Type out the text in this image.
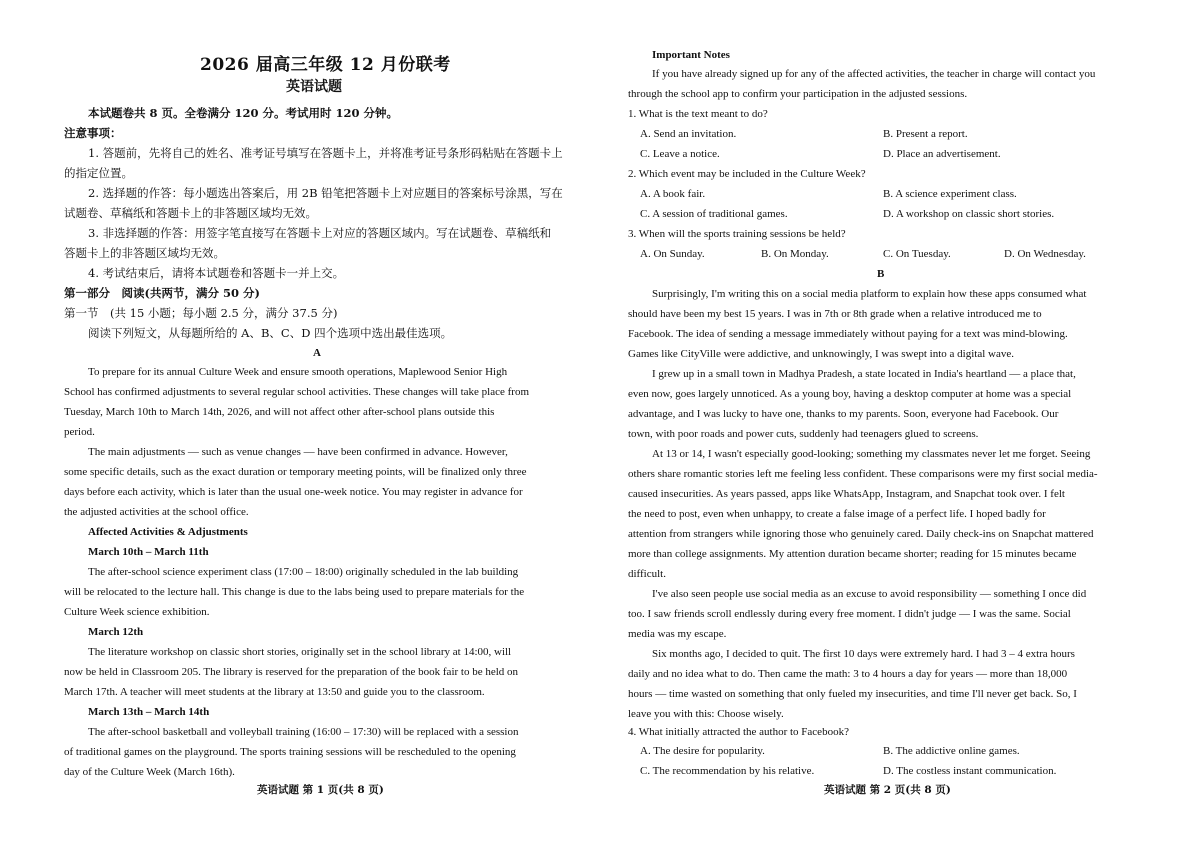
2026 届高三年级 12 月份联考
英语试题
本试题卷共 8 页。全卷满分 120 分。考试用时 120 分钟。
注意事项：
1. 答题前，先将自己的姓名、准考证号填写在答题卡上，并将准考证号条形码粘贴在答题卡上
的指定位置。
2. 选择题的作答：每小题选出答案后，用 2B 铅笔把答题卡上对应题目的答案标号涂黑，写在
试题卷、草稿纸和答题卡上的非答题区域均无效。
3. 非选择题的作答：用签字笔直接写在答题卡上对应的答题区域内。写在试题卷、草稿纸和
答题卡上的非答题区域均无效。
4. 考试结束后，请将本试题卷和答题卡一并上交。
第一部分　阅读(共两节，满分 50 分)
第一节　(共 15 小题；每小题 2.5 分，满分 37.5 分)
阅读下列短文，从每题所给的 A、B、C、D 四个选项中选出最佳选项。
A
To prepare for its annual Culture Week and ensure smooth operations, Maplewood Senior High
School has confirmed adjustments to several regular school activities. These changes will take place from
Tuesday, March 10th to March 14th, 2026, and will not affect other after-school plans outside this
period.
The main adjustments — such as venue changes — have been confirmed in advance. However,
some specific details, such as the exact duration or temporary meeting points, will be finalized only three
days before each activity, which is later than the usual one-week notice. You may register in advance for
the adjusted activities at the school office.
Affected Activities & Adjustments
March 10th – March 11th
The after-school science experiment class (17:00 – 18:00) originally scheduled in the lab building
will be relocated to the lecture hall. This change is due to the labs being used to prepare materials for the
Culture Week science exhibition.
March 12th
The literature workshop on classic short stories, originally set in the school library at 14:00, will
now be held in Classroom 205. The library is reserved for the preparation of the book fair to be held on
March 17th. A teacher will meet students at the library at 13:50 and guide you to the classroom.
March 13th – March 14th
The after-school basketball and volleyball training (16:00 – 17:30) will be replaced with a session
of traditional games on the playground. The sports training sessions will be rescheduled to the opening
day of the Culture Week (March 16th).
英语试题 第 1 页(共 8 页)
Important Notes
If you have already signed up for any of the affected activities, the teacher in charge will contact you
through the school app to confirm your participation in the adjusted sessions.
1. What is the text meant to do?
A. Send an invitation.	B. Present a report.
C. Leave a notice.	D. Place an advertisement.
2. Which event may be included in the Culture Week?
A. A book fair.	B. A science experiment class.
C. A session of traditional games.	D. A workshop on classic short stories.
3. When will the sports training sessions be held?
A. On Sunday.	B. On Monday.	C. On Tuesday.	D. On Wednesday.
B
Surprisingly, I'm writing this on a social media platform to explain how these apps consumed what
should have been my best 15 years. I was in 7th or 8th grade when a relative introduced me to
Facebook. The idea of sending a message immediately without paying for a text was mind-blowing.
Games like CityVille were addictive, and unknowingly, I was swept into a digital wave.
I grew up in a small town in Madhya Pradesh, a state located in India's heartland — a place that,
even now, goes largely unnoticed. As a young boy, having a desktop computer at home was a special
advantage, and I was lucky to have one, thanks to my parents. Soon, everyone had Facebook. Our
town, with poor roads and power cuts, suddenly had teenagers glued to screens.
At 13 or 14, I wasn't especially good-looking; something my classmates never let me forget. Seeing
others share romantic stories left me feeling less confident. These comparisons were my first social media-
caused insecurities. As years passed, apps like WhatsApp, Instagram, and Snapchat took over. I felt
the need to post, even when unhappy, to create a false image of a perfect life. I hoped badly for
attention from strangers while ignoring those who genuinely cared. Daily check-ins on Snapchat mattered
more than college assignments. My attention duration became shorter; reading for 15 minutes became
difficult.
I've also seen people use social media as an excuse to avoid responsibility — something I once did
too. I saw friends scroll endlessly during every free moment. I didn't judge — I was the same. Social
media was my escape.
Six months ago, I decided to quit. The first 10 days were extremely hard. I had 3 – 4 extra hours
daily and no idea what to do. Then came the math: 3 to 4 hours a day for years — more than 18,000
hours — time wasted on something that only fueled my insecurities, and time I'll never get back. So, I
leave you with this: Choose wisely.
4. What initially attracted the author to Facebook?
A. The desire for popularity.	B. The addictive online games.
C. The recommendation by his relative.	D. The costless instant communication.
英语试题 第 2 页(共 8 页)
